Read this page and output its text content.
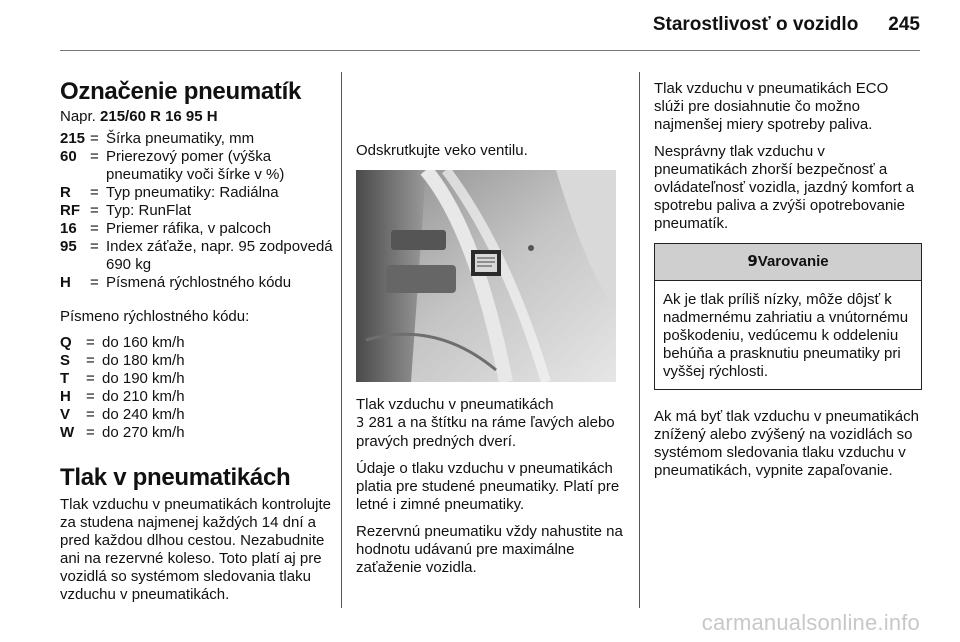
Starostlivosť o vozidlo 245
Označenie pneumatík

Napr. 215/60 R 16 95 H

215	=	Šírka pneumatiky, mm
60	=	Prierezový pomer (výška pneumatiky voči šírke v %)
R	=	Typ pneumatiky: Radiálna
RF	=	Typ: RunFlat
16	=	Priemer ráfika, v palcoch
95	=	Index záťaže, napr. 95 zodpovedá 690 kg
H	=	Písmená rýchlostného kódu

Písmeno rýchlostného kódu:

Q	=	do 160 km/h
S	=	do 180 km/h
T	=	do 190 km/h
H	=	do 210 km/h
V	=	do 240 km/h
W	=	do 270 km/h
Tlak v pneumatikách

Tlak vzduchu v pneumatikách kontrolujte za studena najmenej každých 14 dní a pred každou dlhou cestou. Nezabudnite ani na rezervné koleso. Toto platí aj pre vozidlá so systémom sledovania tlaku vzduchu v pneumatikách.

Odskrutkujte veko ventilu.

Tlak vzduchu v pneumatikách
3 281 a na štítku na ráme ľavých alebo pravých predných dverí.

Údaje o tlaku vzduchu v pneumatikách platia pre studené pneumatiky. Platí pre letné i zimné pneumatiky.

Rezervnú pneumatiku vždy nahustite na hodnotu udávanú pre maximálne zaťaženie vozidla.

Tlak vzduchu v pneumatikách ECO slúži pre dosiahnutie čo možno najmenšej miery spotreby paliva.

Nesprávny tlak vzduchu v pneumatikách zhorší bezpečnosť a ovládateľnosť vozidla, jazdný komfort a spotrebu paliva a zvýši opotrebovanie pneumatík.

9Varovanie
Ak je tlak príliš nízky, môže dôjsť k nadmernému zahriatiu a vnútornému poškodeniu, vedúcemu k oddeleniu behúňa a prasknutiu pneumatiky pri vyššej rýchlosti.

Ak má byť tlak vzduchu v pneumatikách znížený alebo zvýšený na vozidlách so systémom sledovania tlaku vzduchu v pneumatikách, vypnite zapaľovanie.

carmanualsonline.info
